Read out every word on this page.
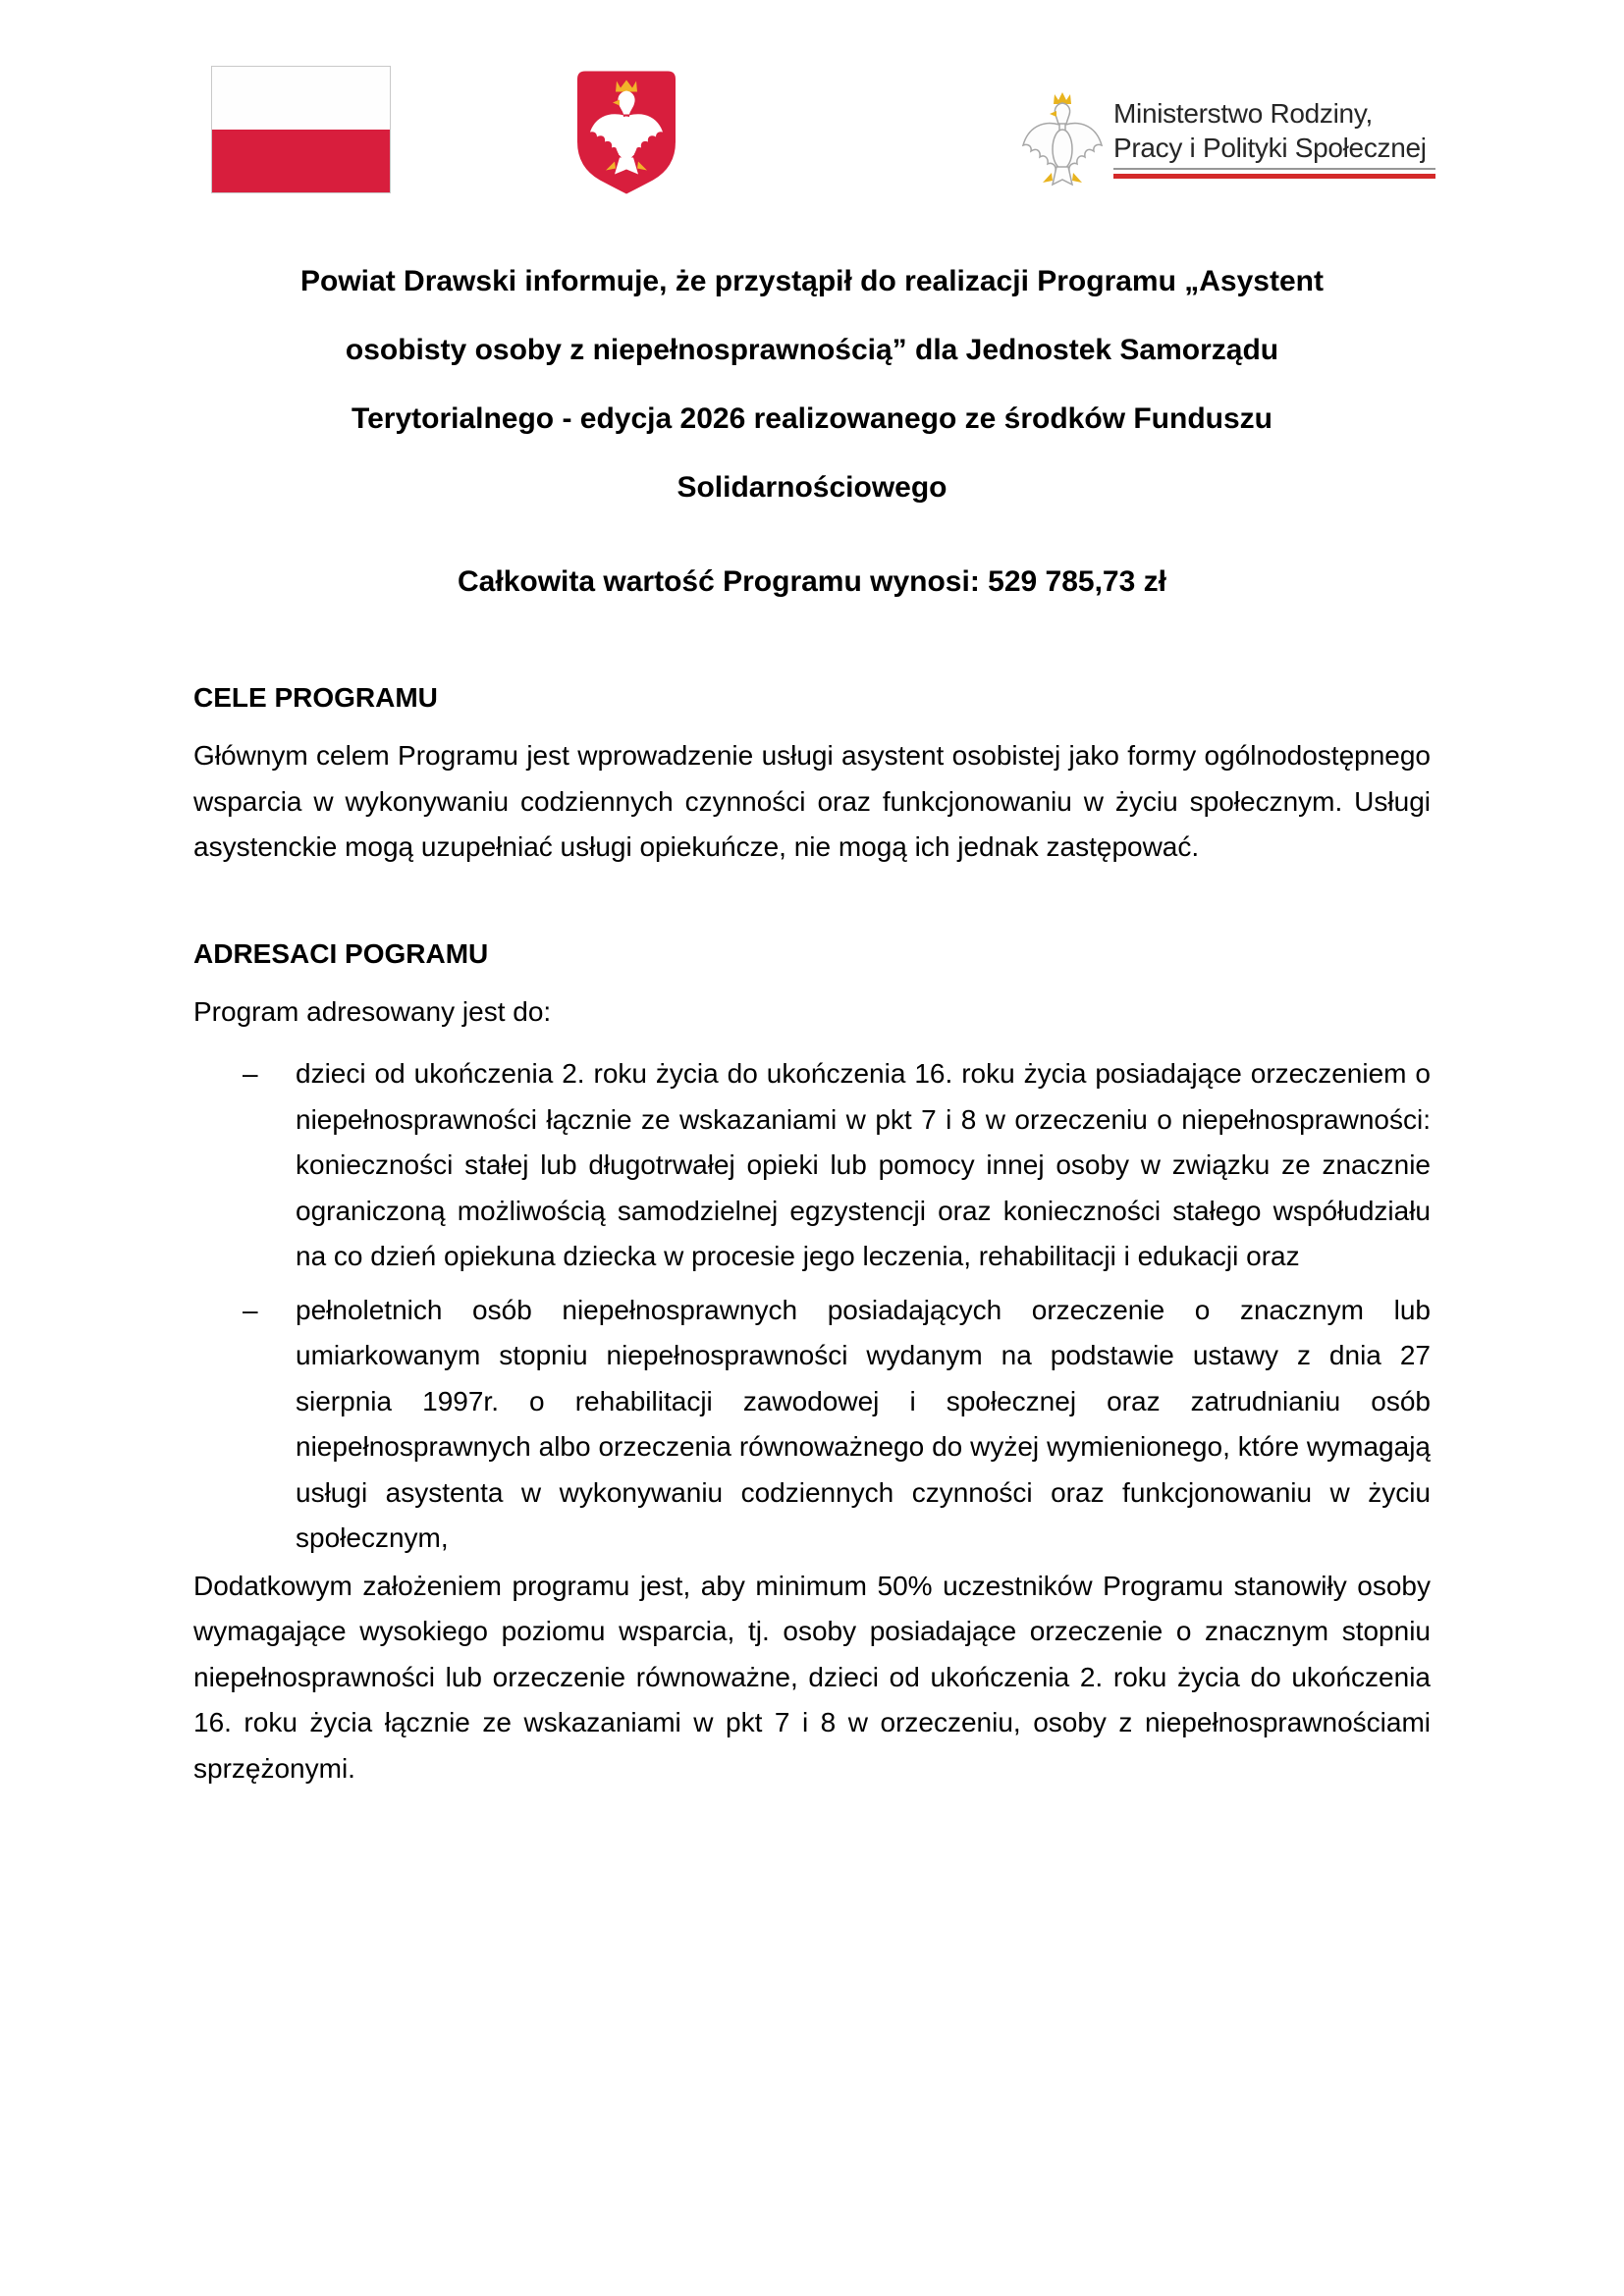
Ministerstwo Rodziny,
Pracy i Polityki Społecznej
Powiat Drawski informuje, że przystąpił do realizacji Programu „Asystent
osobisty osoby z niepełnosprawnością” dla Jednostek Samorządu
Terytorialnego - edycja 2026 realizowanego ze środków Funduszu
Solidarnościowego
Całkowita wartość Programu wynosi: 529 785,73 zł
CELE PROGRAMU
Głównym celem Programu jest wprowadzenie usługi asystent osobistej jako formy ogólnodostępnego wsparcia w wykonywaniu codziennych czynności oraz funkcjonowaniu w życiu społecznym. Usługi asystenckie mogą uzupełniać usługi opiekuńcze, nie mogą ich jednak zastępować.
ADRESACI POGRAMU
Program adresowany jest do:
– dzieci od ukończenia 2. roku życia do ukończenia 16. roku życia posiadające orzeczeniem o niepełnosprawności łącznie ze wskazaniami w pkt 7 i 8 w orzeczeniu o niepełnosprawności: konieczności stałej lub długotrwałej opieki lub pomocy innej osoby w związku ze znacznie ograniczoną możliwością samodzielnej egzystencji oraz konieczności stałego współudziału na co dzień opiekuna dziecka w procesie jego leczenia, rehabilitacji i edukacji oraz
– pełnoletnich osób niepełnosprawnych posiadających orzeczenie o znacznym lub umiarkowanym stopniu niepełnosprawności wydanym na podstawie ustawy z dnia 27 sierpnia 1997r. o rehabilitacji zawodowej i społecznej oraz zatrudnianiu osób niepełnosprawnych albo orzeczenia równoważnego do wyżej wymienionego, które wymagają usługi asystenta w wykonywaniu codziennych czynności oraz funkcjonowaniu w życiu społecznym,
Dodatkowym założeniem programu jest, aby minimum 50% uczestników Programu stanowiły osoby wymagające wysokiego poziomu wsparcia, tj. osoby posiadające orzeczenie o znacznym stopniu niepełnosprawności lub orzeczenie równoważne, dzieci od ukończenia 2. roku życia do ukończenia 16. roku życia łącznie ze wskazaniami w pkt 7 i 8 w orzeczeniu, osoby z niepełnosprawnościami sprzężonymi.
